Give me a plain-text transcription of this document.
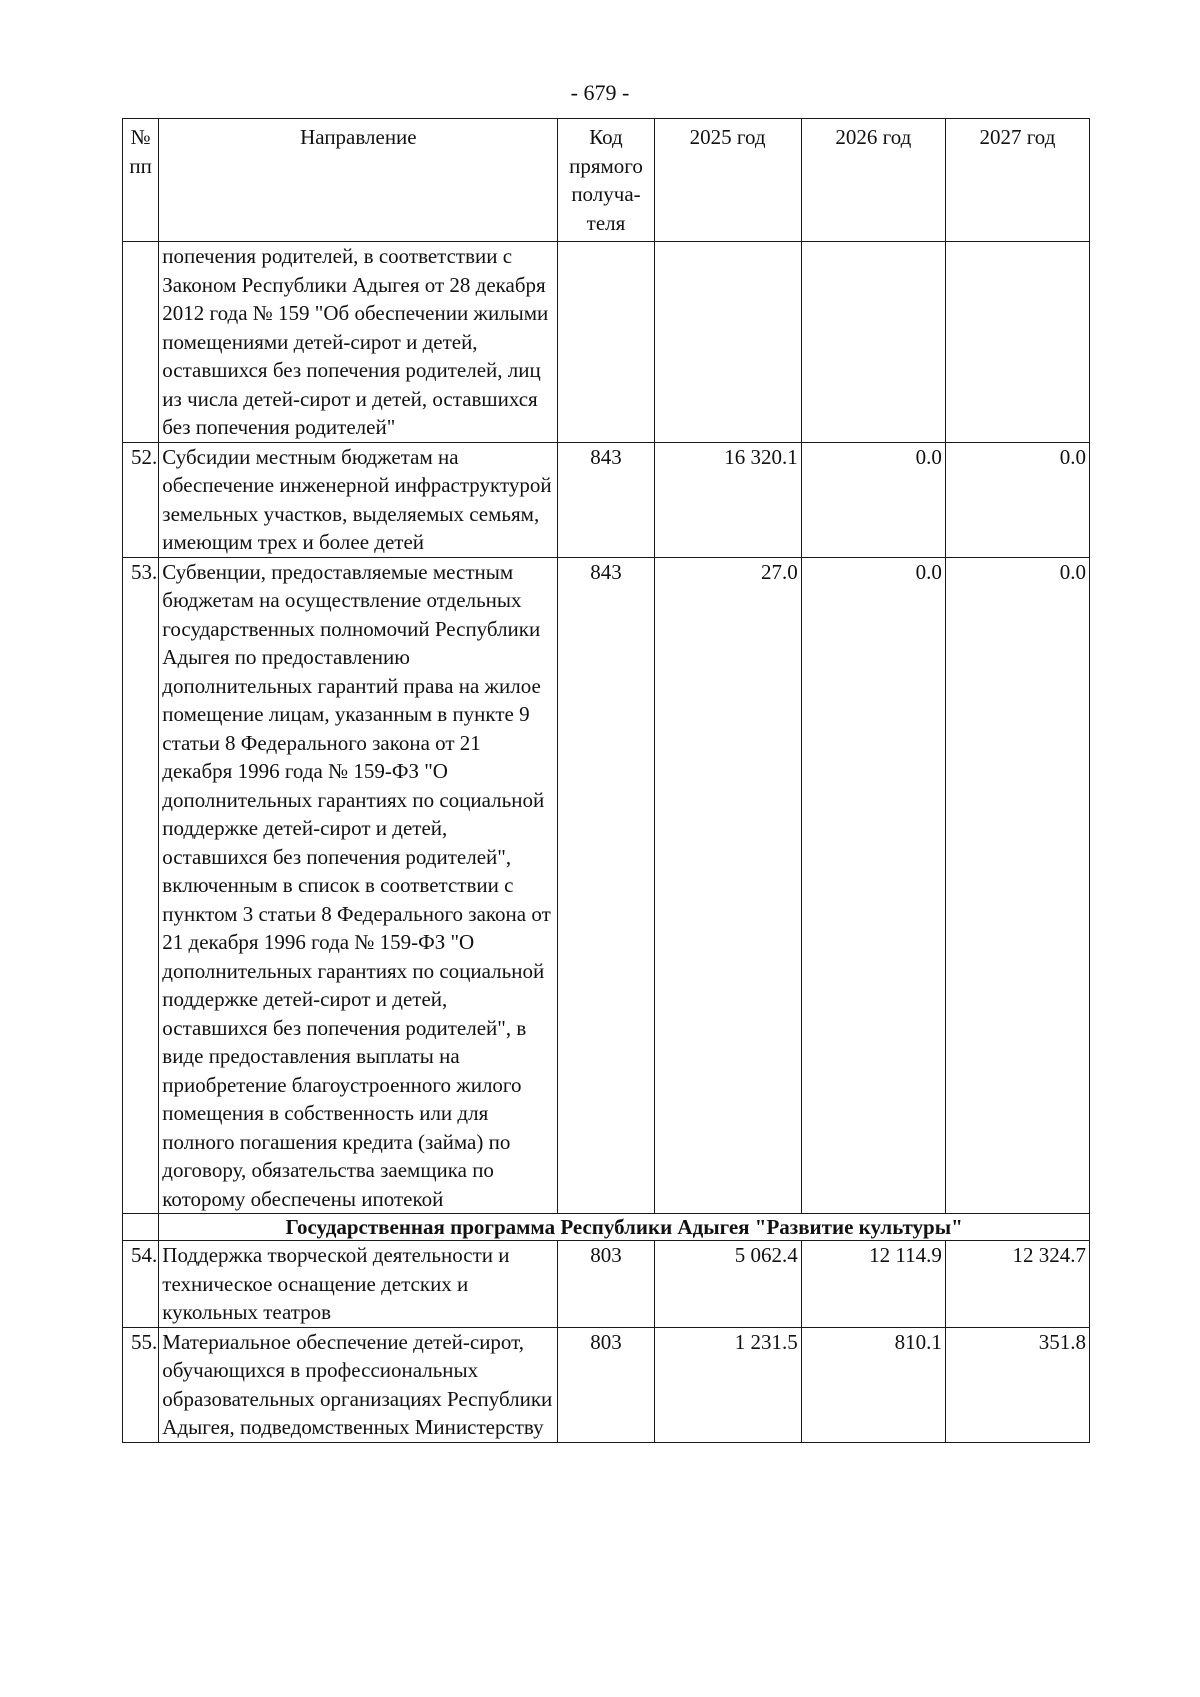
- 679 -
№ пп	Направление	Код прямого получа-теля	2025 год	2026 год	2027 год
	попечения родителей, в соответствии с Законом Республики Адыгея от 28 декабря 2012 года № 159 "Об обеспечении жилыми помещениями детей-сирот и детей, оставшихся без попечения родителей, лиц из числа детей-сирот и детей, оставшихся без попечения родителей"				
52.	Субсидии местным бюджетам на обеспечение инженерной инфраструктурой земельных участков, выделяемых семьям, имеющим трех и более детей	843	16 320.1	0.0	0.0
53.	Субвенции, предоставляемые местным бюджетам на осуществление отдельных государственных полномочий Республики Адыгея по предоставлению дополнительных гарантий права на жилое помещение лицам, указанным в пункте 9 статьи 8 Федерального закона от 21 декабря 1996 года № 159-ФЗ "О дополнительных гарантиях по социальной поддержке детей-сирот и детей, оставшихся без попечения родителей", включенным в список в соответствии с пунктом 3 статьи 8 Федерального закона от 21 декабря 1996 года № 159-ФЗ "О дополнительных гарантиях по социальной поддержке детей-сирот и детей, оставшихся без попечения родителей", в виде предоставления выплаты на приобретение благоустроенного жилого помещения в собственность или для полного погашения кредита (займа) по договору, обязательства заемщика по которому обеспечены ипотекой	843	27.0	0.0	0.0
	Государственная программа Республики Адыгея "Развитие культуры"				
54.	Поддержка творческой деятельности и техническое оснащение детских и кукольных театров	803	5 062.4	12 114.9	12 324.7
55.	Материальное обеспечение детей-сирот, обучающихся в профессиональных образовательных организациях Республики Адыгея, подведомственных Министерству	803	1 231.5	810.1	351.8
